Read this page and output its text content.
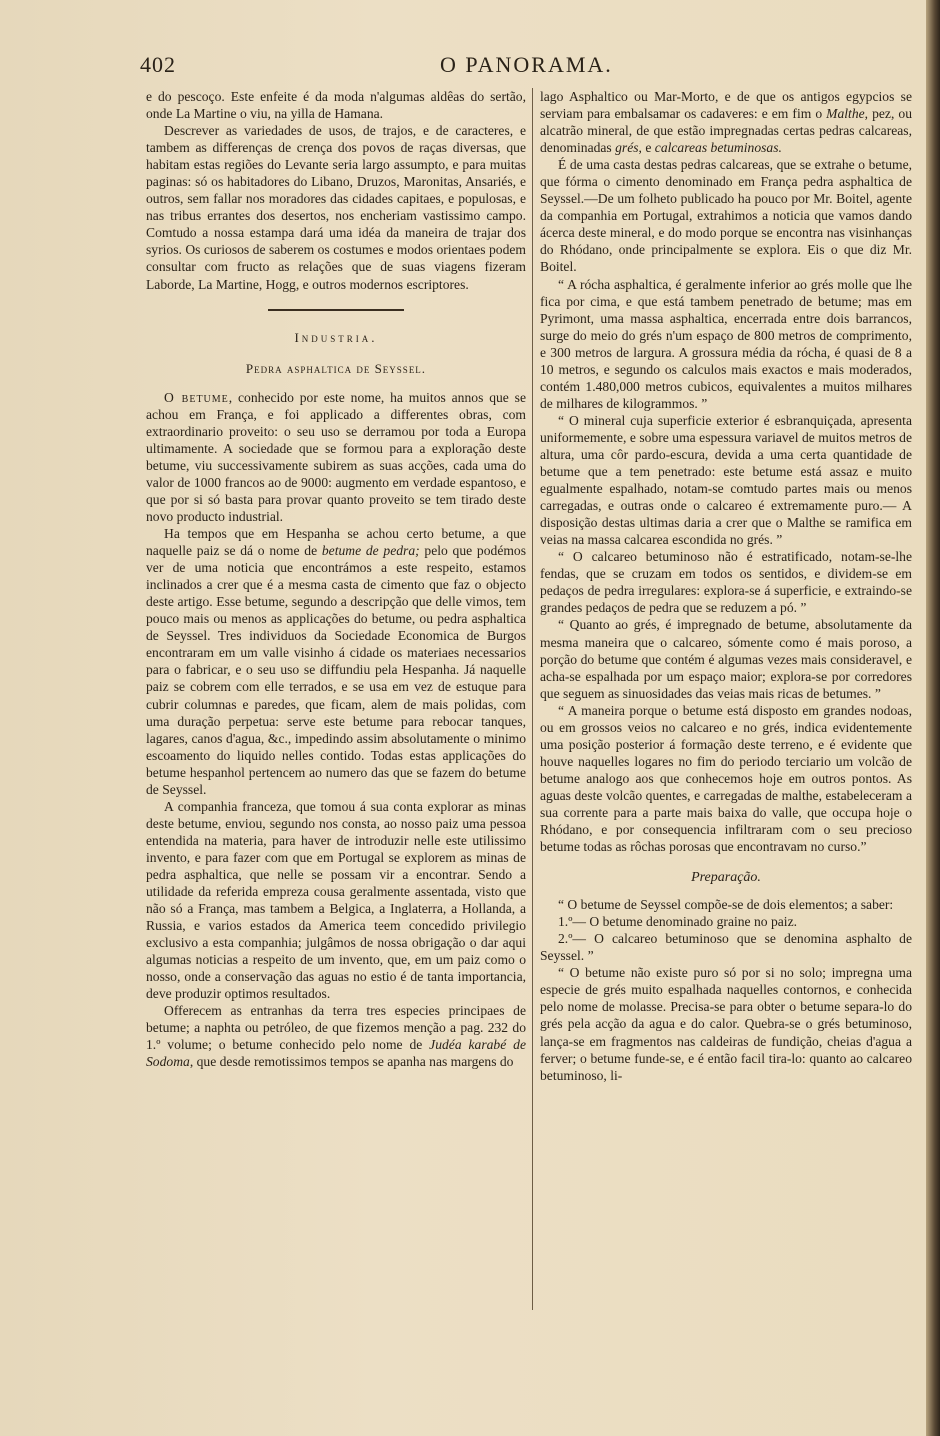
402	O PANORAMA.

e do pescoço. Este enfeite é da moda n'algumas aldêas do sertão, onde La Martine o viu, na yilla de Hamana.

Descrever as variedades de usos, de trajos, e de caracteres, e tambem as differenças de crença dos povos de raças diversas, que habitam estas regiões do Levante seria largo assumpto, e para muitas paginas: só os habitadores do Libano, Druzos, Maronitas, Ansariés, e outros, sem fallar nos moradores das cidades capitaes, e populosas, e nas tribus errantes dos desertos, nos encheriam vastissimo campo. Comtudo a nossa estampa dará uma idéa da maneira de trajar dos syrios. Os curiosos de saberem os costumes e modos orientaes podem consultar com fructo as relações que de suas viagens fizeram Laborde, La Martine, Hogg, e outros modernos escriptores.

Industria.
Pedra asphaltica de Seyssel.

O betume, conhecido por este nome, ha muitos annos que se achou em França, e foi applicado a differentes obras, com extraordinario proveito: o seu uso se derramou por toda a Europa ultimamente. A sociedade que se formou para a exploração deste betume, viu successivamente subirem as suas acções, cada uma do valor de 1000 francos ao de 9000: augmento em verdade espantoso, e que por si só basta para provar quanto proveito se tem tirado deste novo producto industrial.

Ha tempos que em Hespanha se achou certo betume, a que naquelle paiz se dá o nome de betume de pedra; pelo que podémos ver de uma noticia que encontrámos a este respeito, estamos inclinados a crer que é a mesma casta de cimento que faz o objecto deste artigo. Esse betume, segundo a descripção que delle vimos, tem pouco mais ou menos as applicações do betume, ou pedra asphaltica de Seyssel. Tres individuos da Sociedade Economica de Burgos encontraram em um valle visinho á cidade os materiaes necessarios para o fabricar, e o seu uso se diffundiu pela Hespanha. Já naquelle paiz se cobrem com elle terrados, e se usa em vez de estuque para cubrir columnas e paredes, que ficam, alem de mais polidas, com uma duração perpetua: serve este betume para rebocar tanques, lagares, canos d'agua, &c., impedindo assim absolutamente o minimo escoamento do liquido nelles contido. Todas estas applicações do betume hespanhol pertencem ao numero das que se fazem do betume de Seyssel.

A companhia franceza, que tomou á sua conta explorar as minas deste betume, enviou, segundo nos consta, ao nosso paiz uma pessoa entendida na materia, para haver de introduzir nelle este utilissimo invento, e para fazer com que em Portugal se explorem as minas de pedra asphaltica, que nelle se possam vir a encontrar. Sendo a utilidade da referida empreza cousa geralmente assentada, visto que não só a França, mas tambem a Belgica, a Inglaterra, a Hollanda, a Russia, e varios estados da America teem concedido privilegio exclusivo a esta companhia; julgâmos de nossa obrigação o dar aqui algumas noticias a respeito de um invento, que, em um paiz como o nosso, onde a conservação das aguas no estio é de tanta importancia, deve produzir optimos resultados.

Offerecem as entranhas da terra tres especies principaes de betume; a naphta ou petróleo, de que fizemos menção a pag. 232 do 1.º volume; o betume conhecido pelo nome de Judéa karabé de Sodoma, que desde remotissimos tempos se apanha nas margens do

lago Asphaltico ou Mar-Morto, e de que os antigos egypcios se serviam para embalsamar os cadaveres: e em fim o Malthe, pez, ou alcatrão mineral, de que estão impregnadas certas pedras calcareas, denominadas grés, e calcareas betuminosas.

É de uma casta destas pedras calcareas, que se extrahe o betume, que fórma o cimento denominado em França pedra asphaltica de Seyssel.—De um folheto publicado ha pouco por Mr. Boitel, agente da companhia em Portugal, extrahimos a noticia que vamos dando ácerca deste mineral, e do modo porque se encontra nas visinhanças do Rhódano, onde principalmente se explora. Eis o que diz Mr. Boitel.

“ A rócha asphaltica, é geralmente inferior ao grés molle que lhe fica por cima, e que está tambem penetrado de betume; mas em Pyrimont, uma massa asphaltica, encerrada entre dois barrancos, surge do meio do grés n'um espaço de 800 metros de comprimento, e 300 metros de largura. A grossura média da rócha, é quasi de 8 a 10 metros, e segundo os calculos mais exactos e mais moderados, contém 1.480,000 metros cubicos, equivalentes a muitos milhares de milhares de kilogrammos. ”

“ O mineral cuja superficie exterior é esbranquiçada, apresenta uniformemente, e sobre uma espessura variavel de muitos metros de altura, uma côr pardo-escura, devida a uma certa quantidade de betume que a tem penetrado: este betume está assaz e muito egualmente espalhado, notam-se comtudo partes mais ou menos carregadas, e outras onde o calcareo é extremamente puro.— A disposição destas ultimas daria a crer que o Malthe se ramifica em veias na massa calcarea escondida no grés. ”

“ O calcareo betuminoso não é estratificado, notam-se-lhe fendas, que se cruzam em todos os sentidos, e dividem-se em pedaços de pedra irregulares: explora-se á superficie, e extraindo-se grandes pedaços de pedra que se reduzem a pó. ”

“ Quanto ao grés, é impregnado de betume, absolutamente da mesma maneira que o calcareo, sómente como é mais poroso, a porção do betume que contém é algumas vezes mais consideravel, e acha-se espalhada por um espaço maior; explora-se por corredores que seguem as sinuosidades das veias mais ricas de betumes. ”

“ A maneira porque o betume está disposto em grandes nodoas, ou em grossos veios no calcareo e no grés, indica evidentemente uma posição posterior á formação deste terreno, e é evidente que houve naquelles logares no fim do periodo terciario um volcão de betume analogo aos que conhecemos hoje em outros pontos. As aguas deste volcão quentes, e carregadas de malthe, estabeleceram a sua corrente para a parte mais baixa do valle, que occupa hoje o Rhódano, e por consequencia infiltraram com o seu precioso betume todas as rôchas porosas que encontravam no curso.”

Preparação.

“ O betume de Seyssel compõe-se de dois elementos; a saber:

1.º— O betume denominado graine no paiz.

2.º— O calcareo betuminoso que se denomina asphalto de Seyssel. ”

“ O betume não existe puro só por si no solo; impregna uma especie de grés muito espalhada naquelles contornos, e conhecida pelo nome de molasse. Precisa-se para obter o betume separa-lo do grés pela acção da agua e do calor. Quebra-se o grés betuminoso, lança-se em fragmentos nas caldeiras de fundição, cheias d'agua a ferver; o betume funde-se, e é então facil tira-lo: quanto ao calcareo betuminoso, li-
